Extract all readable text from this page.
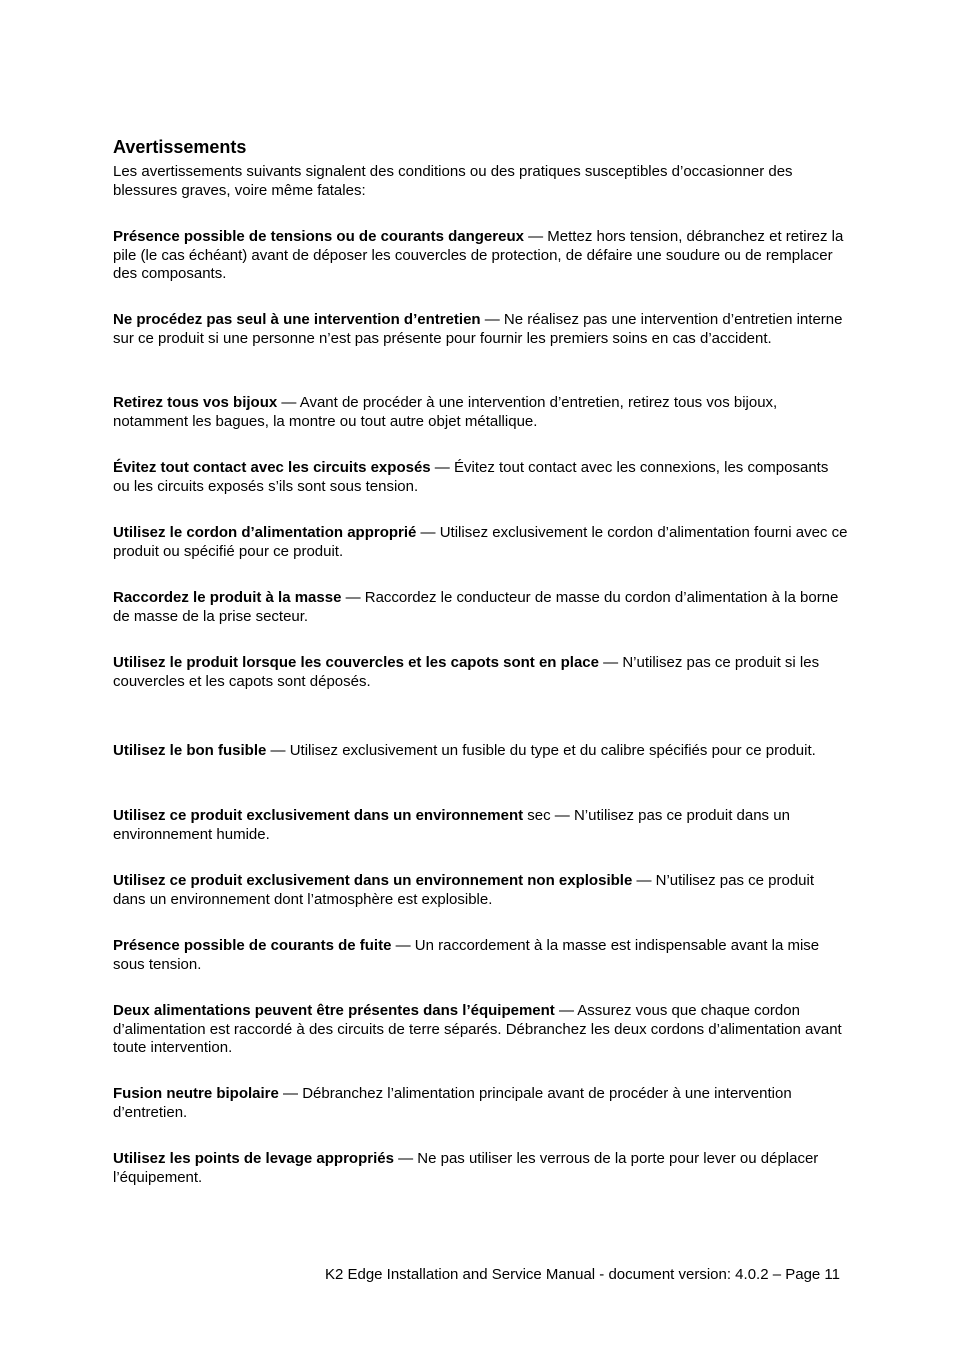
Avertissements

Les avertissements suivants signalent des conditions ou des pratiques susceptibles d’occasionner des blessures graves, voire même fatales:

Présence possible de tensions ou de courants dangereux — Mettez hors tension, débranchez et retirez la pile (le cas échéant) avant de déposer les couvercles de protection, de défaire une soudure ou de remplacer des composants.

Ne procédez pas seul à une intervention d’entretien — Ne réalisez pas une intervention d’entretien interne sur ce produit si une personne n’est pas présente pour fournir les premiers soins en cas d’accident.

Retirez tous vos bijoux — Avant de procéder à une intervention d’entretien, retirez tous vos bijoux, notamment les bagues, la montre ou tout autre objet métallique.

Évitez tout contact avec les circuits exposés — Évitez tout contact avec les connexions, les composants ou les circuits exposés s’ils sont sous tension.

Utilisez le cordon d’alimentation approprié — Utilisez exclusivement le cordon d’alimentation fourni avec ce produit ou spécifié pour ce produit.

Raccordez le produit à la masse — Raccordez le conducteur de masse du cordon d’alimentation à la borne de masse de la prise secteur.

Utilisez le produit lorsque les couvercles et les capots sont en place — N’utilisez pas ce produit si les couvercles et les capots sont déposés.

Utilisez le bon fusible — Utilisez exclusivement un fusible du type et du calibre spécifiés pour ce produit.

Utilisez ce produit exclusivement dans un environnement sec — N’utilisez pas ce produit dans un environnement humide.

Utilisez ce produit exclusivement dans un environnement non explosible — N’utilisez pas ce produit dans un environnement dont l’atmosphère est explosible.

Présence possible de courants de fuite — Un raccordement à la masse est indispensable avant la mise sous tension.

Deux alimentations peuvent être présentes dans l’équipement — Assurez vous que chaque cordon d’alimentation est raccordé à des circuits de terre séparés. Débranchez les deux cordons d’alimentation avant toute intervention.

Fusion neutre bipolaire — Débranchez l’alimentation principale avant de procéder à une intervention d’entretien.

Utilisez les points de levage appropriés — Ne pas utiliser les verrous de la porte pour lever ou déplacer l’équipement.

K2 Edge Installation and Service Manual - document version: 4.0.2 – Page 11
